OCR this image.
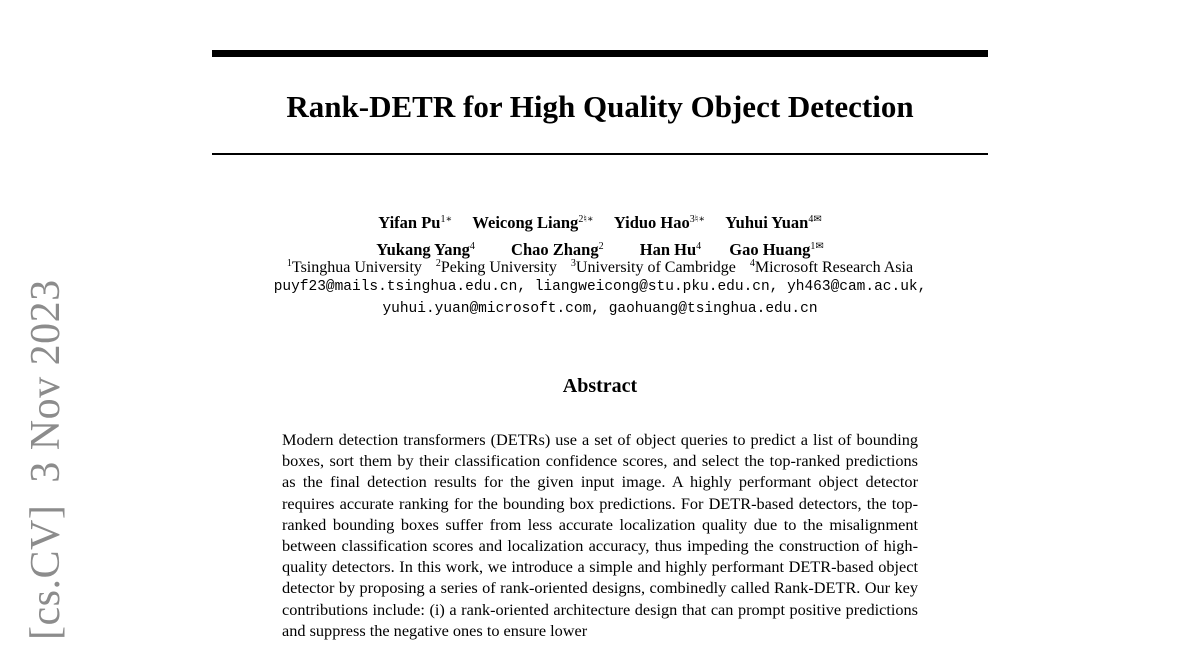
[cs.CV]3 Nov 2023
Rank-DETR for High Quality Object Detection
Yifan $Pu^{1∗}$ Weicong Liang$^{2♮∗}$ Yiduo Hao$^{3♮∗}$ Yuhui Yuan$^{4✉}$
Yukang Yang$^4$ Chao Zhang$^2$ Han Hu$^4$ Gao Huang$^{1✉}$
$^1$Tsinghua University $^2$Peking University $^3$University of Cambridge $^4$Microsoft Research Asia
puyf23@mails.tsinghua.edu.cn, liangweicong@stu.pku.edu.cn, yh463@cam.ac.uk,
yuhui.yuan@microsoft.com, gaohuang@tsinghua.edu.cn
Abstract

Modern detection transformers (DETRs) use a set of object queries to predict a list of bounding boxes, sort them by their classification confidence scores, and select the top-ranked predictions as the final detection results for the given input image. A highly performant object detector requires accurate ranking for the bounding box predictions. For DETR-based detectors, the top-ranked bounding boxes suffer from less accurate localization quality due to the misalignment between classification scores and localization accuracy, thus impeding the construction of high-quality detectors. In this work, we introduce a simple and highly performant DETR-based object detector by proposing a series of rank-oriented designs, combinedly called Rank-DETR. Our key contributions include: (i) a rank-oriented architecture design that can prompt positive predictions and suppress the negative ones to ensure lower
